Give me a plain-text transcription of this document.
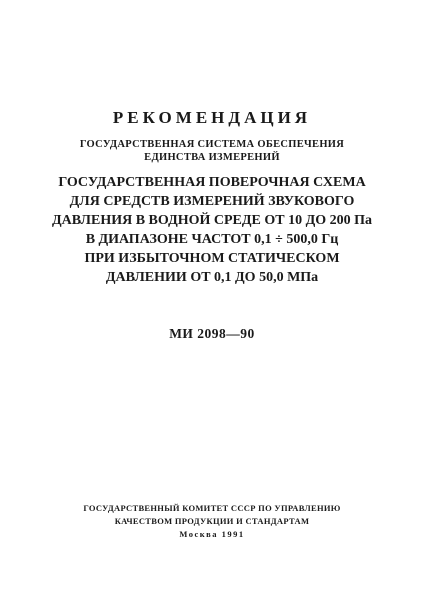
РЕКОМЕНДАЦИЯ
ГОСУДАРСТВЕННАЯ СИСТЕМА ОБЕСПЕЧЕНИЯ
ЕДИНСТВА ИЗМЕРЕНИЙ
ГОСУДАРСТВЕННАЯ ПОВЕРОЧНАЯ СХЕМА
ДЛЯ СРЕДСТВ ИЗМЕРЕНИЙ ЗВУКОВОГО
ДАВЛЕНИЯ В ВОДНОЙ СРЕДЕ ОТ 10 ДО 200 Па
В ДИАПАЗОНЕ ЧАСТОТ 0,1 ÷ 500,0 Гц
ПРИ ИЗБЫТОЧНОМ СТАТИЧЕСКОМ
ДАВЛЕНИИ ОТ 0,1 ДО 50,0 МПа
МИ 2098—90
ГОСУДАРСТВЕННЫЙ КОМИТЕТ СССР ПО УПРАВЛЕНИЮ
КАЧЕСТВОМ ПРОДУКЦИИ И СТАНДАРТАМ
Москва 1991
